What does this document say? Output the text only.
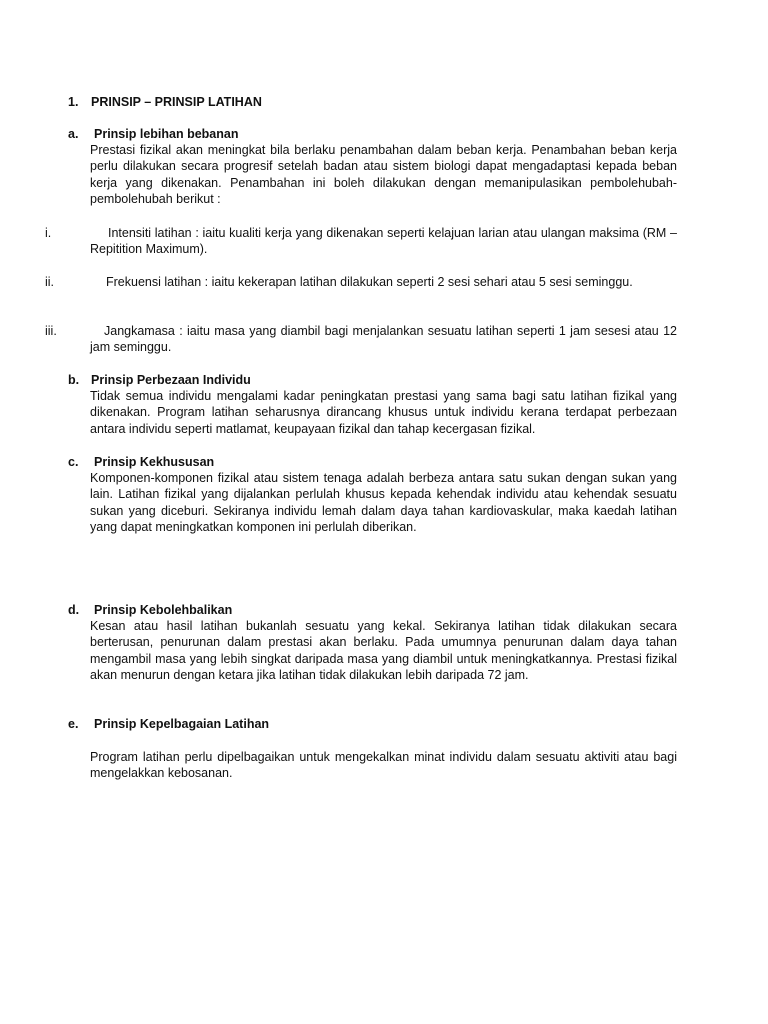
1. PRINSIP – PRINSIP LATIHAN
a. Prinsip lebihan bebanan
Prestasi fizikal akan meningkat bila berlaku penambahan dalam beban kerja. Penambahan beban kerja perlu dilakukan secara progresif setelah badan atau sistem biologi dapat mengadaptasi kepada beban kerja yang dikenakan. Penambahan ini boleh dilakukan dengan memanipulasikan pembolehubah-pembolehubah berikut :
i.	Intensiti latihan : iaitu kualiti kerja yang dikenakan seperti kelajuan larian atau ulangan maksima (RM – Repitition Maximum).
ii.	Frekuensi latihan : iaitu kekerapan latihan dilakukan seperti 2 sesi sehari atau 5 sesi seminggu.
iii.	Jangkamasa : iaitu masa yang diambil bagi menjalankan sesuatu latihan seperti 1 jam sesesi atau 12 jam seminggu.
b. Prinsip Perbezaan Individu
Tidak semua individu mengalami kadar peningkatan prestasi yang sama bagi satu latihan fizikal yang dikenakan. Program latihan seharusnya dirancang khusus untuk individu kerana terdapat perbezaan antara individu seperti matlamat, keupayaan fizikal dan tahap kecergasan fizikal.
c. Prinsip Kekhususan
Komponen-komponen fizikal atau sistem tenaga adalah berbeza antara satu sukan dengan sukan yang lain. Latihan fizikal yang dijalankan perlulah khusus kepada kehendak individu atau kehendak sesuatu sukan yang diceburi. Sekiranya individu lemah dalam daya tahan kardiovaskular, maka kaedah latihan yang dapat meningkatkan komponen ini perlulah diberikan.
d. Prinsip Kebolehbalikan
Kesan atau hasil latihan bukanlah sesuatu yang kekal. Sekiranya latihan tidak dilakukan secara berterusan, penurunan dalam prestasi akan berlaku. Pada umumnya penurunan dalam daya tahan mengambil masa yang lebih singkat daripada masa yang diambil untuk meningkatkannya. Prestasi fizikal akan menurun dengan ketara jika latihan tidak dilakukan lebih daripada 72 jam.
e. Prinsip Kepelbagaian Latihan
Program latihan perlu dipelbagaikan untuk mengekalkan minat individu dalam sesuatu aktiviti atau bagi mengelakkan kebosanan.
